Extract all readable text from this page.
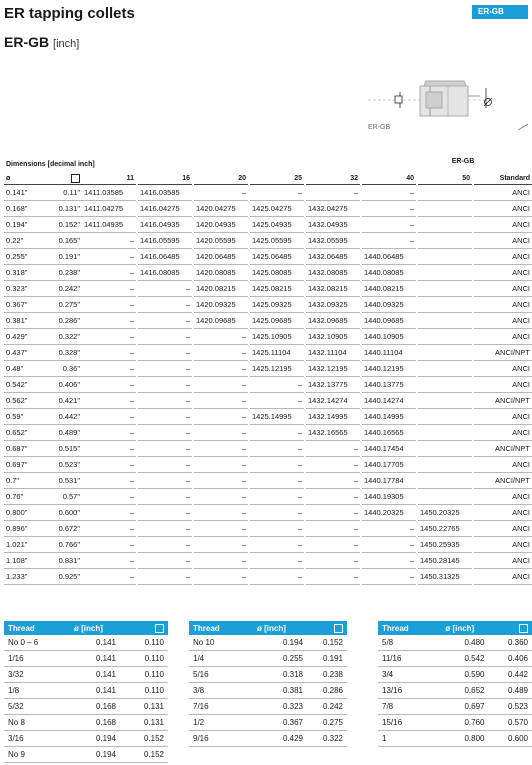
ER tapping collets
ER-GB [inch]
ER-GB
ER-GB
Dimensions [decimal inch]	ER-GB
ø		11		16		20		25		32		40		50		Standard
0.141"	0.11"	1411.03585		1416.03585		–		–		–		–				ANCI
0.168"	0.131"	1411.04275		1416.04275		1420.04275		1425.04275		1432.04275		–				ANCI
0.194"	0.152"	1411.04935		1416.04935		1420.04935		1425.04935		1432.04935		–				ANCI
0.22"	0.165"	–		1416.05595		1420.05595		1425.05595		1432.05595		–				ANCI
0.255"	0.191"	–		1416.06485		1420.06485		1425.06485		1432.06485		1440.06485				ANCI
0.318"	0.238"	–		1416.08085		1420.08085		1425.08085		1432.08085		1440.08085				ANCI
0.323"	0.242"	–		–		1420.08215		1425.08215		1432.08215		1440.08215				ANCI
0.367"	0.275"	–		–		1420.09325		1425.09325		1432.09325		1440.09325				ANCI
0.381"	0.286"	–		–		1420.09685		1425.09685		1432.09685		1440.09685				ANCI
0.429"	0.322"	–		–		–		1425.10905		1432.10905		1440.10905				ANCI
0.437"	0.328"	–		–		–		1425.11104		1432.11104		1440.11104				ANCI/NPT
0.48"	0.36"	–		–		–		1425.12195		1432.12195		1440.12195				ANCI
0.542"	0.406"	–		–		–		–		1432.13775		1440.13775				ANCI
0.562"	0.421"	–		–		–		–		1432.14274		1440.14274				ANCI/NPT
0.59"	0.442"	–		–		–		1425.14995		1432.14995		1440.14995				ANCI
0.652"	0.489"	–		–		–		–		1432.16565		1440.16565				ANCI
0.687"	0.515"	–		–		–		–		–		1440.17454				ANCI/NPT
0.697"	0.523"	–		–		–		–		–		1440.17705				ANCI
0.7"	0.531"	–		–		–		–		–		1440.17784				ANCI/NPT
0.76"	0.57"	–		–		–		–		–		1440.19305				ANCI
0.800"	0.600"	–		–		–		–		–		1440.20325		1450.20325		ANCI
0.896"	0.672"	–		–		–		–		–		–		1450.22765		ANCI
1.021"	0.766"	–		–		–		–		–		–		1450.25935		ANCI
1.108"	0.831"	–		–		–		–		–		–		1450.28145		ANCI
1.233"	0.925"	–		–		–		–		–		–		1450.31325		ANCI
Thread	ø [inch]	
No 0 – 6	0.141	0.110
1/16	0.141	0.110
3/32	0.141	0.110
1/8	0.141	0.110
5/32	0.168	0.131
No 8	0.168	0.131
3/16	0.194	0.152
No 9	0.194	0.152
Thread	ø [inch]	
No 10	0.194	0.152
1/4	0.255	0.191
5/16	0.318	0.238
3/8	0.381	0.286
7/16	0.323	0.242
1/2	0.367	0.275
9/16	0.429	0.322
Thread	ø [inch]	
5/8	0.480	0.360
11/16	0.542	0.406
3/4	0.590	0.442
13/16	0.652	0.489
7/8	0.697	0.523
15/16	0.760	0.570
1	0.800	0.600
